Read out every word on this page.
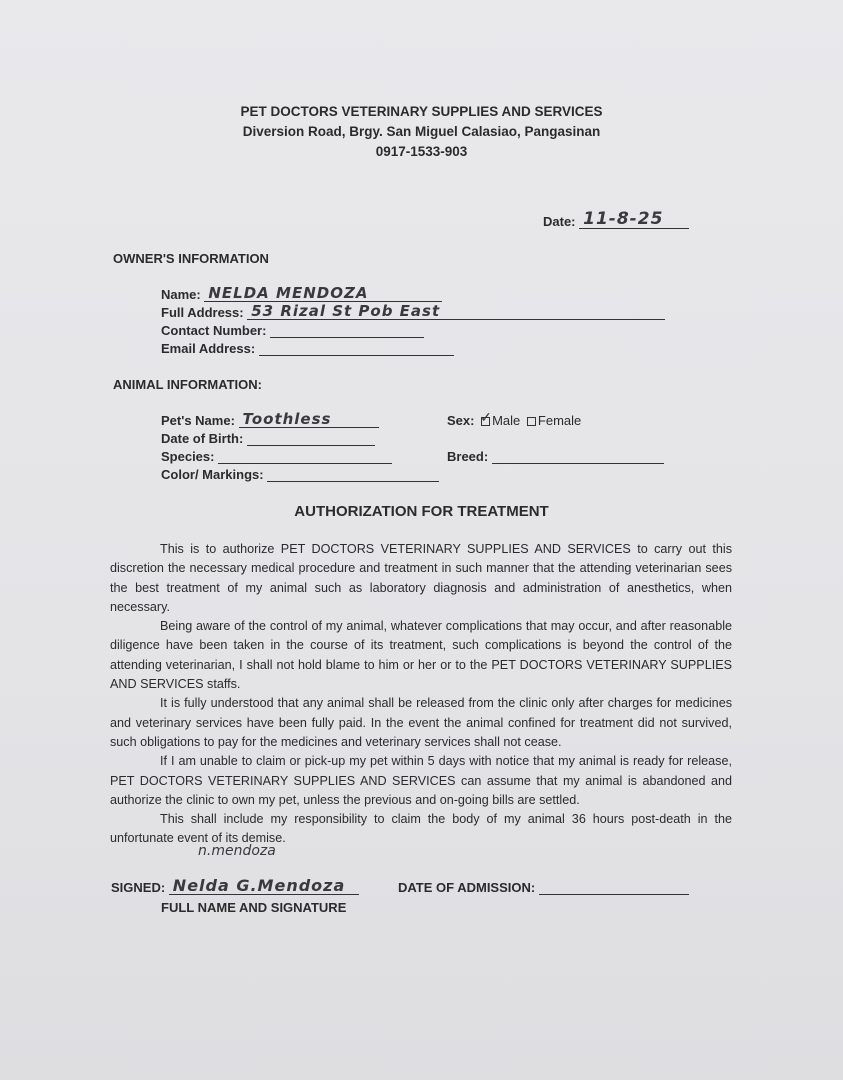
PET DOCTORS VETERINARY SUPPLIES AND SERVICES
Diversion Road, Brgy. San Miguel Calasiao, Pangasinan
0917-1533-903
Date: 11-8-25
OWNER'S INFORMATION
Name: NELDA MENDOZA
Full Address: 53 Rizal St Pob East
Contact Number:
Email Address:
ANIMAL INFORMATION:
Pet's Name: Toothless
Date of Birth:
Species:
Color/ Markings:
Sex: ✓ Male Female
Breed:
AUTHORIZATION FOR TREATMENT

This is to authorize PET DOCTORS VETERINARY SUPPLIES AND SERVICES to carry out this discretion the necessary medical procedure and treatment in such manner that the attending veterinarian sees the best treatment of my animal such as laboratory diagnosis and administration of anesthetics, when necessary.

Being aware of the control of my animal, whatever complications that may occur, and after reasonable diligence have been taken in the course of its treatment, such complications is beyond the control of the attending veterinarian, I shall not hold blame to him or her or to the PET DOCTORS VETERINARY SUPPLIES AND SERVICES staffs.

It is fully understood that any animal shall be released from the clinic only after charges for medicines and veterinary services have been fully paid. In the event the animal confined for treatment did not survived, such obligations to pay for the medicines and veterinary services shall not cease.

If I am unable to claim or pick-up my pet within 5 days with notice that my animal is ready for release, PET DOCTORS VETERINARY SUPPLIES AND SERVICES can assume that my animal is abandoned and authorize the clinic to own my pet, unless the previous and on-going bills are settled.

This shall include my responsibility to claim the body of my animal 36 hours post-death in the unfortunate event of its demise.

n.mendoza
SIGNED: Nelda G.Mendoza
FULL NAME AND SIGNATURE
DATE OF ADMISSION:
